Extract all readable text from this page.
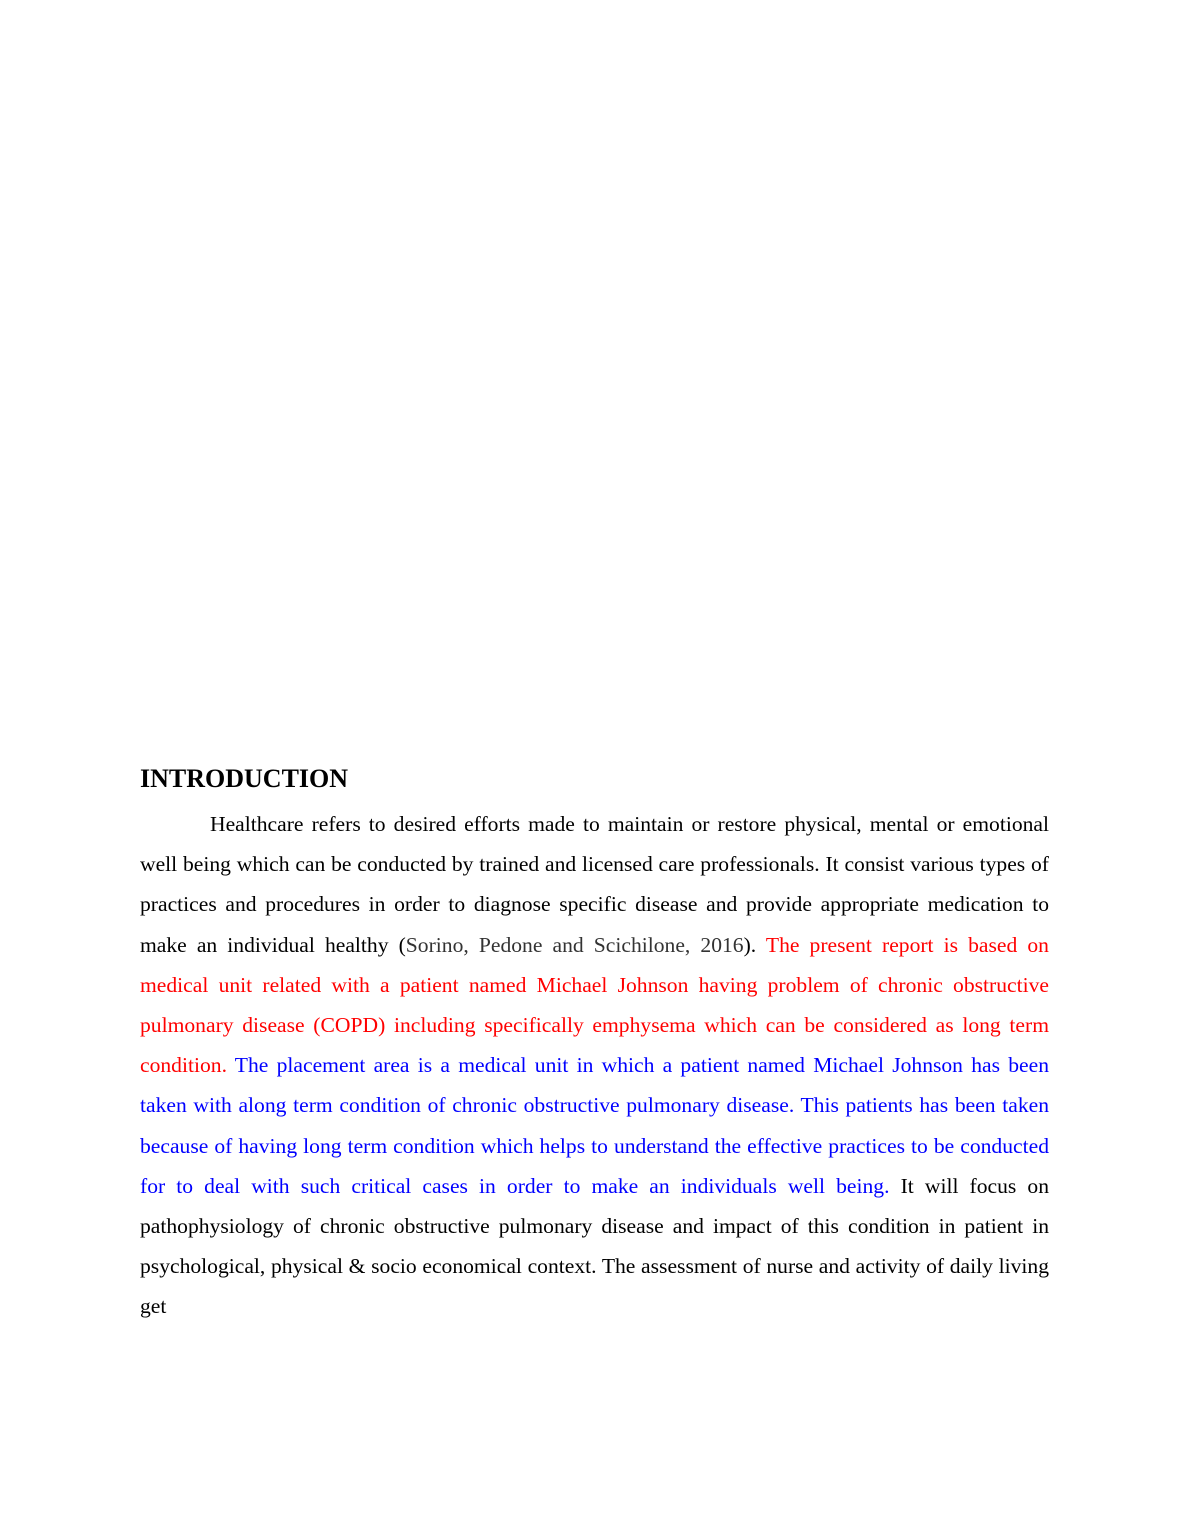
INTRODUCTION

Healthcare refers to desired efforts made to maintain or restore physical, mental or emotional well being which can be conducted by trained and licensed care professionals. It consist various types of practices and procedures in order to diagnose specific disease and provide appropriate medication to make an individual healthy (Sorino, Pedone and Scichilone, 2016). The present report is based on medical unit related with a patient named Michael Johnson having problem of chronic obstructive pulmonary disease (COPD) including specifically emphysema which can be considered as long term condition. The placement area is a medical unit in which a patient named Michael Johnson has been taken with along term condition of chronic obstructive pulmonary disease. This patients has been taken because of having long term condition which helps to understand the effective practices to be conducted for to deal with such critical cases in order to make an individuals well being. It will focus on pathophysiology of chronic obstructive pulmonary disease and impact of this condition in patient in psychological, physical & socio economical context. The assessment of nurse and activity of daily living get
